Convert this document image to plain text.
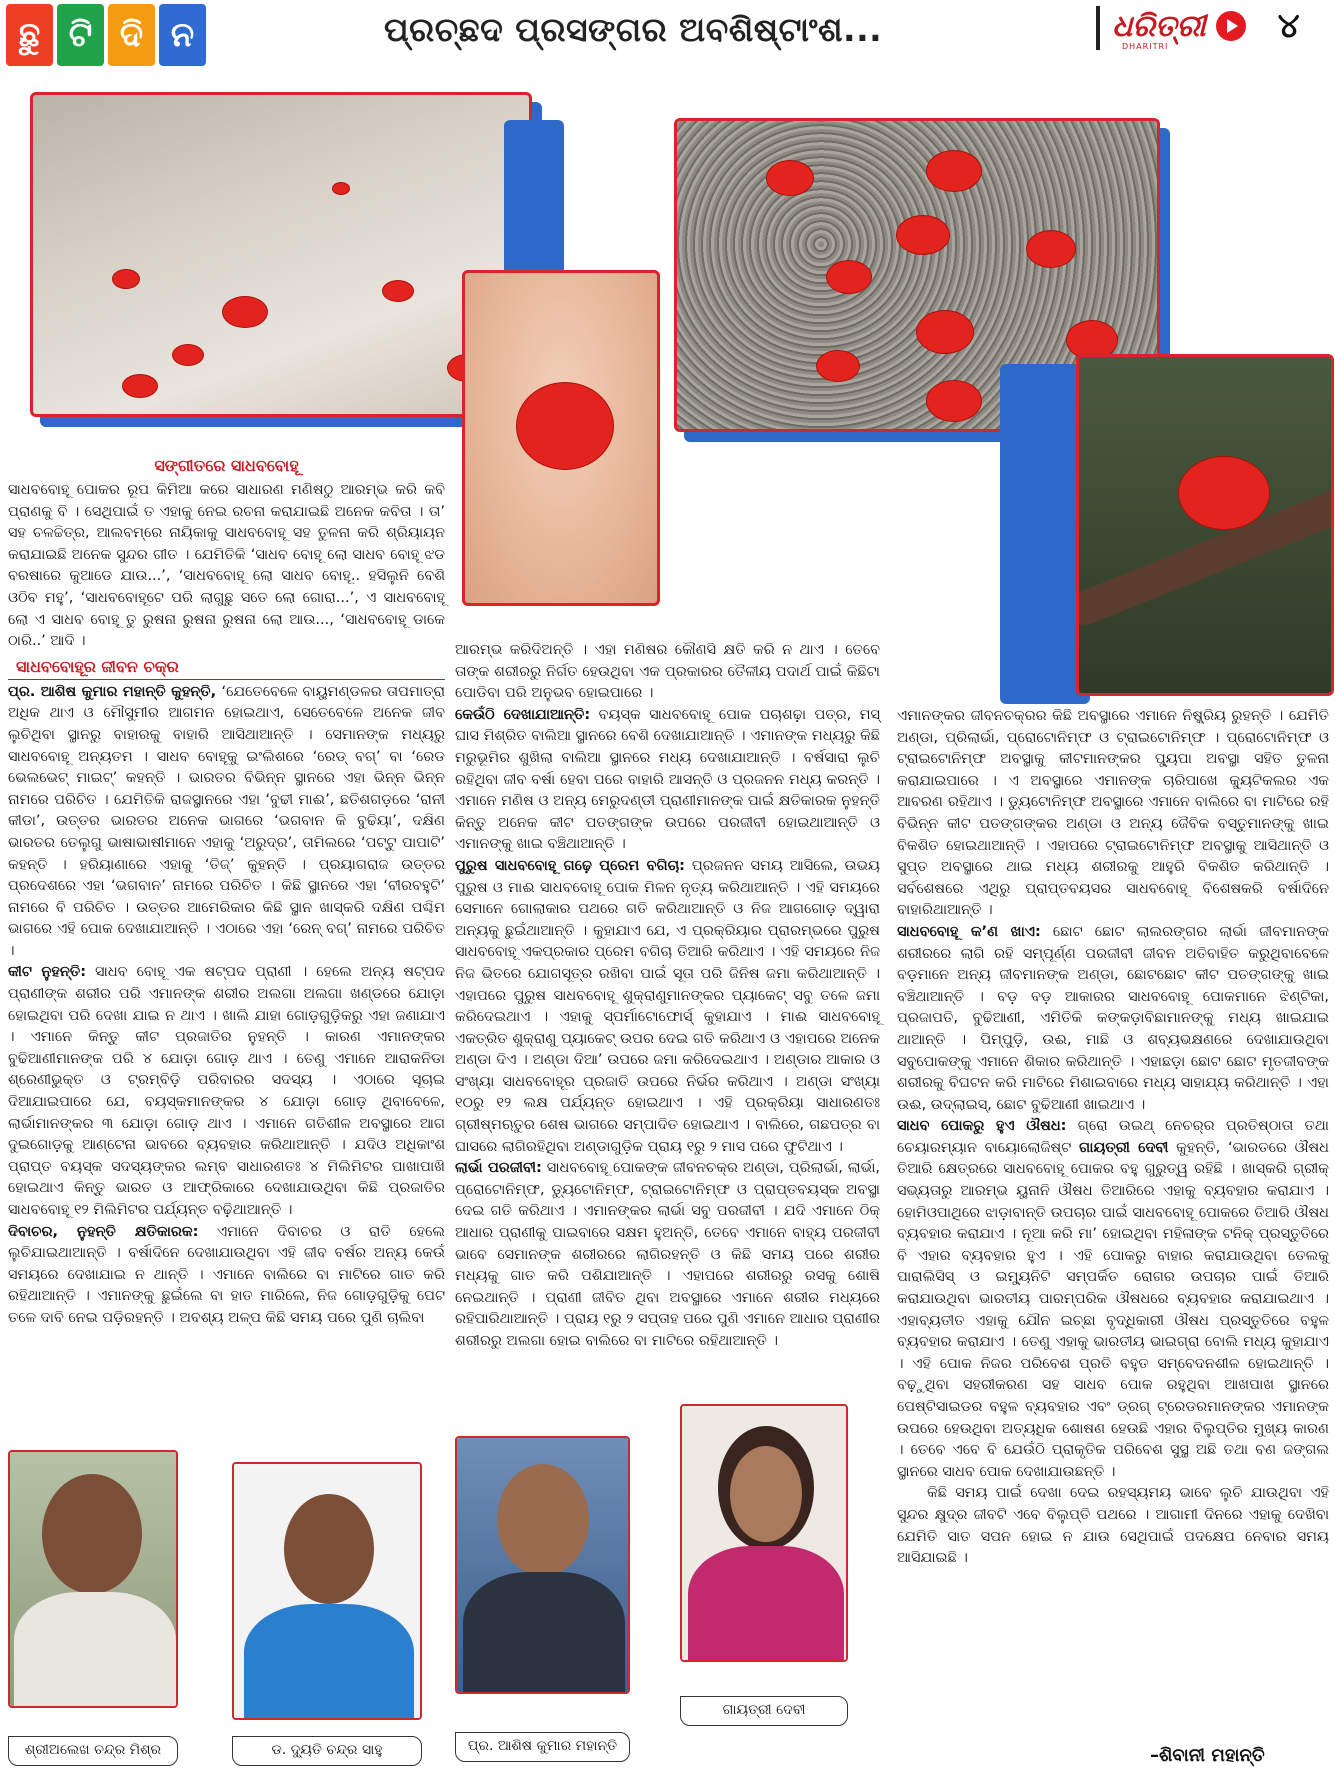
ଛୁ ଟି ଦି ନ	ପ୍ରଚ୍ଛଦ ପ୍ରସଙ୍ଗର ଅବଶିଷ୍ଟାଂଶ...	ଧରିତ୍ରୀ ୪
DHARITRI
ସଙ୍ଗୀତରେ ସାଧବବୋହୂ

ସାଧବବୋହୂ ପୋକର ରୂପ କିମିଆ କରେ ସାଧାରଣ ମଣିଷଠୁ ଆରମ୍ଭ କରି କବି ପ୍ରାଣକୁ ବି । ସେଥିପାଇଁ ତ ଏହାକୁ ନେଇ ରଚନା କରାଯାଇଛି ଅନେକ କବିତା । ତା’ ସହ ଚଳଚ୍ଚିତ୍ର, ଆଲବମ୍‌ରେ ନାୟିକାକୁ ସାଧବବୋହୂ ସହ ତୁଳନା କରି ଶ୍ରିୟାୟନ କରାଯାଇଛି ଅନେକ ସୁନ୍ଦର ଗୀତ । ଯେମିତିକି ‘ସାଧବ ବୋହୂ ଲୋ ସାଧବ ବୋହୂ ଝଡ ବରଷାରେ କୁଆଡେ ଯାଉ...’, ‘ସାଧବବୋହୂ ଲୋ ସାଧବ ବୋହୂ.. ହସିଲୁନି ବେଶି ଓଠିବ ମହୁ’, ‘ସାଧବବୋହୂଟେ ପରି ଲାଗୁଛୁ ସତେ ଲୋ ଗୋରା...’, ଏ ସାଧବବୋହୂ ଲୋ ଏ ସାଧବ ବୋହୂ ତୁ ରୁଷନା ରୁଷନା ରୁଷନା ଲୋ ଆଉ..., ‘ସାଧବବୋହୂ ଡାକେ ଠାରି..’ ଆଦି ।

ସାଧବବୋହୂର ଜୀବନ ଚକ୍ର

ପ୍ର. ଆଶିଷ କୁମାର ମହାନ୍ତି କୁହନ୍ତି, ‘ଯେତେବେଳେ ବାୟୁମଣ୍ଡଳର ତାପମାତ୍ରା ଅଧିକ ଥାଏ ଓ ମୌସୁମୀର ଆଗମନ ହୋଇଥାଏ, ସେତେବେଳେ ଅନେକ ଜୀବ ଲୁଚିଥିବା ସ୍ଥାନରୁ ବାହାରକୁ ବାହାରି ଆସିଥାଆନ୍ତି । ସେମାନଙ୍କ ମଧ୍ୟରୁ ସାଧବବୋହୂ ଅନ୍ୟତମ । ସାଧବ ବୋହୂକୁ ଇଂଲିଶରେ ‘ରେଡ୍ ବଗ୍’ ବା ‘ରେଡ ଭେଲଭେଟ୍ ମାଇଟ୍’ କହନ୍ତି । ଭାରତର ବିଭିନ୍ନ ସ୍ଥାନରେ ଏହା ଭିନ୍ନ ଭିନ୍ନ ନାମରେ ପରିଚିତ । ଯେମିତିକି ରାଜସ୍ଥାନରେ ଏହା ‘ବୁଢୀ ମାଈ’, ଛତିଶଗଡ଼ରେ ‘ରାନୀ କୀଡା’, ଉତ୍ତର ଭାରତର ଅନେକ ଭାଗରେ ‘ଭଗବାନ କି ବୁଢିୟା’, ଦକ୍ଷିଣ ଭାରତର ତେଲୁଗୁ ଭାଷାଭାଷୀମାନେ ଏହାକୁ ‘ଅରୁଦ୍ର’, ତାମିଲରେ ‘ପଟ୍ଟୁ ପାପାଟି’ କହନ୍ତି । ହରିୟାଣାରେ ଏହାକୁ ‘ତିଜ୍’ କୁହନ୍ତି । ପ୍ରୟାଗରାଜ ଉତ୍ତର ପ୍ରଦେଶରେ ଏହା ‘ଭଗବାନ’ ନାମରେ ପରିଚିତ । କିଛି ସ୍ଥାନରେ ଏହା ‘ବୀରବହୁଟି’ ନାମରେ ବି ପରିଚିତ । ଉତ୍ତର ଆମେରିକାର କିଛି ସ୍ଥାନ ଖାସ୍‌କରି ଦକ୍ଷିଣ ପଶ୍ଚିମ ଭାଗରେ ଏହି ପୋକ ଦେଖାଯାଆନ୍ତି । ଏଠାରେ ଏହା ‘ରେନ୍ ବଗ୍’ ନାମରେ ପରିଚିତ ।

କୀଟ ନୁହନ୍ତି: ସାଧବ ବୋହୂ ଏକ ଷଟ୍‌ପଦ ପ୍ରାଣୀ । ହେଲେ ଅନ୍ୟ ଷଟ୍‌ପଦ ପ୍ରାଣୀଙ୍କ ଶରୀର ପରି ଏମାନଙ୍କ ଶରୀର ଅଲଗା ଅଲଗା ଖଣ୍ଡରେ ଯୋଡ଼ା ହୋଇଥିବା ପରି ଦେଖା ଯାଇ ନ ଥାଏ । ଖାଲି ଯାହା ଗୋଡ଼ଗୁଡ଼ିକରୁ ଏହା ଜଣାଯାଏ । ଏମାନେ କିନ୍ତୁ କୀଟ ପ୍ରଜାତିର ନୁହନ୍ତି । କାରଣ ଏମାନଙ୍କର ବୁଢିଆଣୀମାନଙ୍କ ପରି ୪ ଯୋଡ଼ା ଗୋଡ଼ ଥାଏ । ତେଣୁ ଏମାନେ ଆରାକନିଡା ଶ୍ରେଣୀଭୁକ୍ତ ଓ ଟ୍ରମ୍ବିଡ଼ି ପରିବାରର ସଦସ୍ୟ । ଏଠାରେ ସୂଚାଇ ଦିଆଯାଇପାରେ ଯେ, ବୟସ୍କମାନଙ୍କର ୪ ଯୋଡ଼ା ଗୋଡ଼ ଥିବାବେଳେ, ଲାର୍ଭାମାନଙ୍କର ୩ ଯୋଡ଼ା ଗୋଡ଼ ଥାଏ । ଏମାନେ ଗତିଶୀଳ ଅବସ୍ଥାରେ ଆଗ ଦୁଇଗୋଡ଼କୁ ଆଣ୍ଟେନା ଭାବରେ ବ୍ୟବହାର କରିଥାଆନ୍ତି । ଯଦିଓ ଅଧିକାଂଶ ପ୍ରାପ୍ତ ବୟସ୍କ ସଦସ୍ୟଙ୍କର ଲମ୍ବ ସାଧାରଣତଃ ୪ ମିଲିମିଟର ପାଖାପାଖି ହୋଇଥାଏ କିନ୍ତୁ ଭାରତ ଓ ଆଫ୍ରିକାରେ ଦେଖାଯାଉଥିବା କିଛି ପ୍ରଜାତିର ସାଧବବୋହୂ ୧୨ ମିଲିମିଟର ପର୍ଯ୍ୟନ୍ତ ବଢ଼ିଥାଆନ୍ତି ।

ଦିବାଚର, ନୁହନ୍ତି କ୍ଷତିକାରକ: ଏମାନେ ଦିବାଚର ଓ ରାତି ହେଲେ ଲୁଚିଯାଇଥାଆନ୍ତି । ବର୍ଷାଦିନେ ଦେଖାଯାଉଥିବା ଏହି ଜୀବ ବର୍ଷର ଅନ୍ୟ କେଉଁ ସମୟରେ ଦେଖାଯାଇ ନ ଥାନ୍ତି । ଏମାନେ ବାଲିରେ ବା ମାଟିରେ ଗାତ କରି ରହିଥାଆନ୍ତି । ଏମାନଙ୍କୁ ଛୁଇଁଲେ ବା ହାତ ମାରିଲେ, ନିଜ ଗୋଡ଼ଗୁଡ଼ିକୁ ପେଟ ତଳେ ଦାବି ନେଇ ପଡ଼ିରହନ୍ତି । ଅବଶ୍ୟ ଅଳ୍ପ କିଛି ସମୟ ପରେ ପୁଣି ଚାଲିବା

ଆରମ୍ଭ କରିଦିଅନ୍ତି । ଏହା ମଣିଷର କୌଣସି କ୍ଷତି କରି ନ ଥାଏ । ତେବେ ତାଙ୍କ ଶରୀରରୁ ନିର୍ଗତ ହେଉଥିବା ଏକ ପ୍ରକାରର ତୈଳୀୟ ପଦାର୍ଥ ପାଇଁ କିଛିଟା ପୋଡିବା ପରି ଅନୁଭବ ହୋଇପାରେ ।

କେଉଁଠି ଦେଖାଯାଆନ୍ତି: ବୟସ୍କ ସାଧବବୋହୂ ପୋକ ପଚାଶଢ଼ା ପତ୍ର, ମସ୍ ଘାସ ମିଶ୍ରିତ ବାଲିଆ ସ୍ଥାନରେ ବେଶି ଦେଖାଯାଆନ୍ତି । ଏମାନଙ୍କ ମଧ୍ୟରୁ କିଛି ମରୁଭୂମିର ଶୁଖିଲା ବାଲିଆ ସ୍ଥାନରେ ମଧ୍ୟ ଦେଖାଯାଆନ୍ତି । ବର୍ଷସାରା ଲୁଚି ରହିଥିବା ଜୀବ ବର୍ଷା ହେବା ପରେ ବାହାରି ଆସନ୍ତି ଓ ପ୍ରଜନନ ମଧ୍ୟ କରନ୍ତି । ଏମାନେ ମଣିଷ ଓ ଅନ୍ୟ ମେରୁଦଣ୍ଡୀ ପ୍ରାଣୀମାନଙ୍କ ପାଇଁ କ୍ଷତିକାରକ ନୁହନ୍ତି କିନ୍ତୁ ଅନେକ କୀଟ ପତଙ୍ଗଙ୍କ ଉପରେ ପରଜୀବୀ ହୋଇଥାଆନ୍ତି ଓ ଏମାନଙ୍କୁ ଖାଇ ବଞ୍ଚିଥାଆନ୍ତି ।

ପୁରୁଷ ସାଧବବୋହୂ ଗଢ଼େ ପ୍ରେମ ବଗିଚା: ପ୍ରଜନନ ସମୟ ଆସିଲେ, ଉଭୟ ପୁରୁଷ ଓ ମାଈ ସାଧବବୋହୂ ପୋକ ମିଳନ ନୃତ୍ୟ କରିଥାଆନ୍ତି । ଏହି ସମୟରେ ସେମାନେ ଗୋଲାକାର ପଥରେ ଗତି କରିଥାଆନ୍ତି ଓ ନିଜ ଆଗଗୋଡ଼ ଦ୍ୱାରା ଅନ୍ୟକୁ ଛୁଇଁଥାଆନ୍ତି । କୁହାଯାଏ ଯେ, ଏ ପ୍ରକ୍ରିୟାର ପ୍ରାରମ୍ଭରେ ପୁରୁଷ ସାଧବବୋହୂ ଏକପ୍ରକାର ପ୍ରେମ ବଗିଚା ତିଆରି କରିଥାଏ । ଏହି ସମୟରେ ନିଜ ନିଜ ଭିତରେ ଯୋଗସୂତ୍ର ରଖିବା ପାଇଁ ସୂତା ପରି ଜିନିଷ ଜମା କରିଥାଆନ୍ତି । ଏହାପରେ ପୁରୁଷ ସାଧବବୋହୂ ଶୁକ୍ରାଣୁମାନଙ୍କର ପ୍ୟାକେଟ୍ ସବୁ ତଳେ ଜମା କରିଦେଇଥାଏ । ଏହାକୁ ସ୍ପର୍ମାଟୋଫୋର୍ସ୍ କୁହାଯାଏ । ମାଈ ସାଧବବୋହୂ ଏକତ୍ରିତ ଶୁକ୍ରାଣୁ ପ୍ୟାକେଟ୍ ଉପର ଦେଇ ଗତି କରିଥାଏ ଓ ଏହାପରେ ଅନେକ ଅଣ୍ଡା ଦିଏ । ଅଣ୍ଡା ଦିଆ’ ଉପରେ ଜମା କରିଦେଇଥାଏ । ଅଣ୍ଡାର ଆକାର ଓ ସଂଖ୍ୟା ସାଧବବୋହୂର ପ୍ରଜାତି ଉପରେ ନିର୍ଭର କରିଥାଏ । ଅଣ୍ଡା ସଂଖ୍ୟା ୧୦ରୁ ୧୨ ଲକ୍ଷ ପର୍ଯ୍ୟନ୍ତ ହୋଇଥାଏ । ଏହି ପ୍ରକ୍ରିୟା ସାଧାରଣତଃ ଗ୍ରୀଷ୍ମଋତୁର ଶେଷ ଭାଗରେ ସମ୍ପାଦିତ ହୋଇଥାଏ । ବାଲିରେ, ଗଛପତ୍ର ବା ଘାସରେ ଲାଗିରହିଥିବା ଅଣ୍ଡାଗୁଡ଼ିକ ପ୍ରାୟ ୧ରୁ ୨ ମାସ ପରେ ଫୁଟିଥାଏ ।

ଲାର୍ଭା ପରଜୀବୀ: ସାଧବବୋହୂ ପୋକଙ୍କ ଜୀବନଚକ୍ର ଅଣ୍ଡା, ପ୍ରିଲାର୍ଭା, ଲାର୍ଭା, ପ୍ରୋଟୋନିମ୍ଫ, ଡ୍ୟୁଟୋନିମ୍ଫ, ଟ୍ରାଇଟୋନିମ୍ଫ ଓ ପ୍ରାପ୍ତବୟସ୍କ ଅବସ୍ଥା ଦେଇ ଗତି କରିଥାଏ । ଏମାନଙ୍କର ଲାର୍ଭା ସବୁ ପରଜୀବୀ । ଯଦି ଏମାନେ ଠିକ୍ ଆଧାର ପ୍ରାଣୀକୁ ପାଇବାରେ ସକ୍ଷମ ହୁଅନ୍ତି, ତେବେ ଏମାନେ ବାହ୍ୟ ପରଜୀବୀ ଭାବେ ସେମାନଙ୍କ ଶରୀରରେ ଲାଗିରହନ୍ତି ଓ କିଛି ସମୟ ପରେ ଶରୀର ମଧ୍ୟକୁ ଗାତ କରି ପଶିଯାଆନ୍ତି । ଏହାପରେ ଶରୀରରୁ ରସକୁ ଶୋଷି ନେଇଥାନ୍ତି । ପ୍ରାଣୀ ଜୀବିତ ଥିବା ଅବସ୍ଥାରେ ଏମାନେ ଶରୀର ମଧ୍ୟରେ ରହିପାରିଥାଆନ୍ତି । ପ୍ରାୟ ୧ରୁ ୨ ସପ୍ତାହ ପରେ ପୁଣି ଏମାନେ ଆଧାର ପ୍ରାଣୀର ଶରୀରରୁ ଅଲଗା ହୋଇ ବାଲିରେ ବା ମାଟିରେ ରହିଥାଆନ୍ତି ।

ଏମାନଙ୍କର ଜୀବନଚକ୍ରର କିଛି ଅବସ୍ଥାରେ ଏମାନେ ନିଷ୍କ୍ରିୟ ରୁହନ୍ତି । ଯେମିତି ଅଣ୍ଡା, ପ୍ରିଲାର୍ଭା, ପ୍ରୋଟୋନିମ୍ଫ ଓ ଟ୍ରାଇଟୋନିମ୍ଫ । ପ୍ରୋଟୋନିମ୍ଫ ଓ ଟ୍ରାଇଟୋନିମ୍ଫ ଅବସ୍ଥାକୁ କୀଟମାନଙ୍କର ପ୍ୟୁପା ଅବସ୍ଥା ସହିତ ତୁଳନା କରାଯାଇପାରେ । ଏ ଅବସ୍ଥାରେ ଏମାନଙ୍କ ଚାରିପାଖେ କ୍ୟୁଟିକଲର ଏକ ଆବରଣ ରହିଥାଏ । ଡ୍ୟୁଟୋନିମ୍ଫ ଅବସ୍ଥାରେ ଏମାନେ ବାଲିରେ ବା ମାଟିରେ ରହି ବିଭିନ୍ନ କୀଟ ପତଙ୍ଗଙ୍କର ଅଣ୍ଡା ଓ ଅନ୍ୟ ଜୈବିକ ବସ୍ତୁମାନଙ୍କୁ ଖାଇ ବିକଶିତ ହୋଇଥାଆନ୍ତି । ଏହାପରେ ଟ୍ରାଇଟୋନିମ୍ଫ ଅବସ୍ଥାକୁ ଆସିଥାନ୍ତି ଓ ସୁପ୍ତ ଅବସ୍ଥାରେ ଥାଇ ମଧ୍ୟ ଶରୀରକୁ ଆହୁରି ବିକଶିତ କରିଥାନ୍ତି । ସର୍ବଶେଷରେ ଏଥିରୁ ପ୍ରାପ୍ତବୟସର ସାଧବବୋହୂ ବିଶେଷକରି ବର୍ଷାଦିନେ ବାହାରିଥାଆନ୍ତି ।

ସାଧବବୋହୂ କ’ଣ ଖାଏ: ଛୋଟ ଛୋଟ ଲାଲରଙ୍ଗର ଲାର୍ଭା ଜୀବମାନଙ୍କ ଶରୀରରେ ଲାଗି ରହି ସମ୍ପୂର୍ଣ୍ଣ ପରଜୀବୀ ଜୀବନ ଅତିବାହିତ କରୁଥିବାବେଳେ ବଡ଼ମାନେ ଅନ୍ୟ ଜୀବମାନଙ୍କ ଅଣ୍ଡା, ଛୋଟଛୋଟ କୀଟ ପତଙ୍ଗଙ୍କୁ ଖାଇ ବଞ୍ଚିଥାଆନ୍ତି । ବଡ଼ ବଡ଼ ଆକାରର ସାଧବବୋହୂ ପୋକମାନେ ଝିଣ୍ଟିକା, ପ୍ରଜାପତି, ବୁଢିଆଣୀ, ଏମିତିକି କଙ୍କଡ଼ାବିଛାମାନଙ୍କୁ ମଧ୍ୟ ଖାଇଯାଇ ଥାଆନ୍ତି । ପିମ୍ପୁଡ଼ି, ଉଈ, ମାଛି ଓ ଶବ୍ୟଭକ୍ଷଣରେ ଦେଖାଯାଉଥିବା ସବୁପୋକଙ୍କୁ ଏମାନେ ଶିକାର କରିଥାନ୍ତି । ଏହାଛଡ଼ା ଛୋଟ ଛୋଟ ମୃତଜୀବଙ୍କ ଶରୀରକୁ ବିଘଟନ କରି ମାଟିରେ ମିଶାଇବାରେ ମଧ୍ୟ ସାହାଯ୍ୟ କରିଥାନ୍ତି । ଏହା ଉଈ, ଉଦ୍ଲାଇସ୍, ଛୋଟ ବୁଢିଆଣୀ ଖାଇଥାଏ ।

ସାଧବ ପୋକରୁ ହୁଏ ଔଷଧ: ଗ୍ରୋ ଉଇଥ୍ ନେଚର୍‌ର ପ୍ରତିଷ୍ଠାତା ତଥା ଚେୟାରମ୍ୟାନ ବାୟୋଲୋଜିଷ୍ଟ ଗାୟତ୍ରୀ ଦେବୀ କୁହନ୍ତି, ‘ଭାରତରେ ଔଷଧ ତିଆରି କ୍ଷେତ୍ରରେ ସାଧବବୋହୂ ପୋକର ବହୁ ଗୁରୁତ୍ୱ ରହିଛି । ଖାସ୍‌କରି ଗ୍ରୀକ୍ ସଭ୍ୟତାରୁ ଆରମ୍ଭ ୟୁନାନି ଔଷଧ ତିଆରିରେ ଏହାକୁ ବ୍ୟବହାର କରାଯାଏ । ହୋମିଓପାଥିରେ ଝାଡ଼ାବାନ୍ତି ଉପଚାର ପାଇଁ ସାଧବବୋହୂ ପୋକରେ ତିଆରି ଔଷଧ ବ୍ୟବହାର କରାଯାଏ । ନୂଆ କରି ମା’ ହୋଇଥିବା ମହିଳାଙ୍କ ଟନିକ୍ ପ୍ରସ୍ତୁତିରେ ବି ଏହାର ବ୍ୟବହାର ହୁଏ । ଏହି ପୋକରୁ ବାହାର କରାଯାଉଥିବା ତେଲକୁ ପାରାଲିସିସ୍ ଓ ଇମ୍ୟୁନିଟି ସମ୍ପର୍କିତ ରୋଗର ଉପଚାର ପାଇଁ ତିଆରି କରାଯାଉଥିବା ଭାରତୀୟ ପାରମ୍ପରିକ ଔଷଧରେ ବ୍ୟବହାର କରାଯାଇଥାଏ । ଏହାବ୍ୟତୀତ ଏହାକୁ ଯୌନ ଇଚ୍ଛା ବୃଦ୍ଧିକାରୀ ଔଷଧ ପ୍ରସ୍ତୁତିରେ ବହୁଳ ବ୍ୟବହାର କରାଯାଏ । ତେଣୁ ଏହାକୁ ଭାରତୀୟ ଭାଇଗ୍ରା ବୋଲି ମଧ୍ୟ କୁହାଯାଏ । ଏହି ପୋକ ନିଜର ପରିବେଶ ପ୍ରତି ବହୁତ ସମ୍ବେଦନଶୀଳ ହୋଇଥାନ୍ତି । ବଢ଼ୁଥିବା ସହରୀକରଣ ସହ ସାଧବ ପୋକ ରହୁଥିବା ଆଖପାଖ ସ୍ଥାନରେ ପେଷ୍ଟିସାଇଡର ବହୁଳ ବ୍ୟବହାର ଏବଂ ଡ୍ରଗ୍ ଟ୍ରେଡରମାନଙ୍କର ଏମାନଙ୍କ ଉପରେ ହେଉଥିବା ଅତ୍ୟଧିକ ଶୋଷଣ ହେଉଛି ଏହାର ବିଲୁପ୍ତିର ମୁଖ୍ୟ କାରଣ । ତେବେ ଏବେ ବି ଯେଉଁଠି ପ୍ରାକୃତିକ ପରିବେଶ ସୁସ୍ଥ ଅଛି ତଥା ବଣ ଜଙ୍ଗଲ ସ୍ଥାନରେ ସାଧବ ପୋକ ଦେଖାଯାଉଛନ୍ତି ।

କିଛି ସମୟ ପାଇଁ ଦେଖା ଦେଇ ରହସ୍ୟମୟ ଭାବେ ଲୁଚି ଯାଉଥିବା ଏହି ସୁନ୍ଦର କ୍ଷୁଦ୍ର ଜୀବଟି ଏବେ ବିଲୁପ୍ତି ପଥରେ । ଆଗାମୀ ଦିନରେ ଏହାକୁ ଦେଖିବା ଯେମିତି ସାତ ସପନ ହୋଇ ନ ଯାଉ ସେଥିପାଇଁ ପଦକ୍ଷେପ ନେବାର ସମୟ ଆସିଯାଇଛି ।

–ଶିବାନୀ ମହାନ୍ତି
ଶ୍ରୀଅଲେଖ ଚନ୍ଦ୍ର ମିଶ୍ର	ଡ. ଦ୍ୟୁତି ଚନ୍ଦ୍ର ସାହୁ	ପ୍ର. ଆଶିଷ କୁମାର ମହାନ୍ତି
ଗାୟତ୍ରୀ ଦେବୀ
